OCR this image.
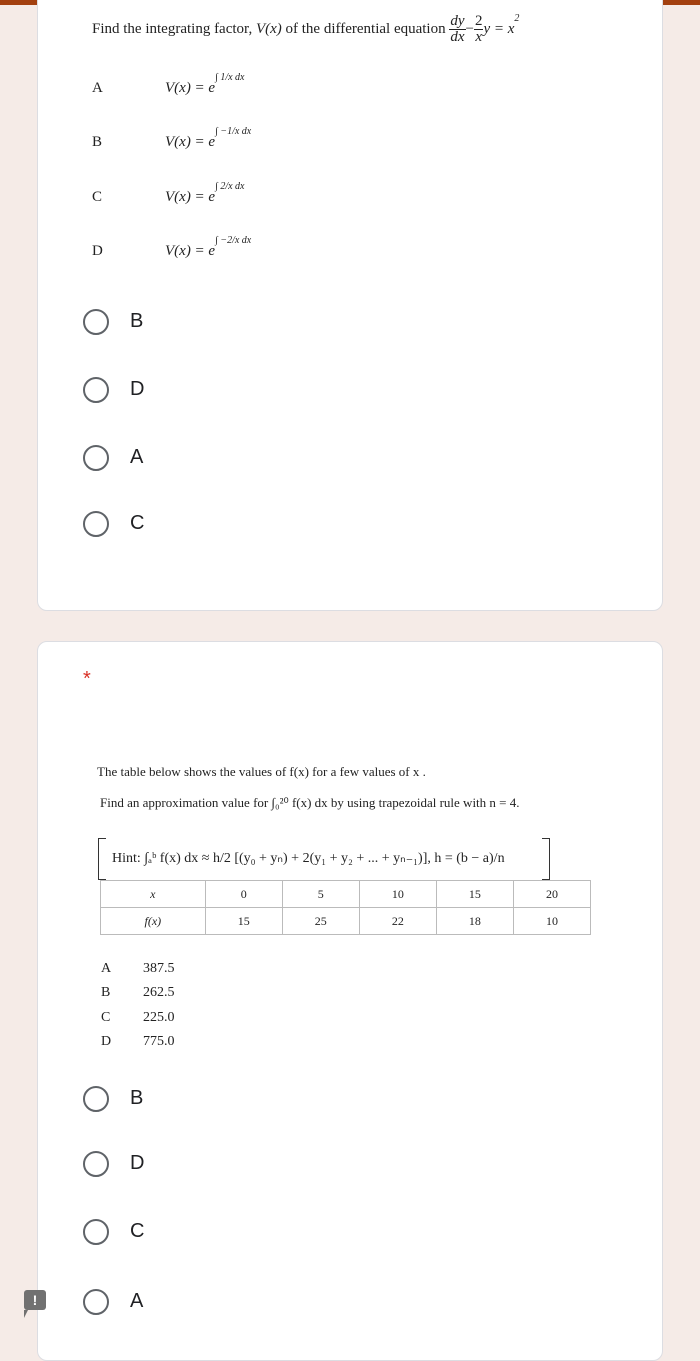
Find the integrating factor, V(x) of the differential equation $\frac{dy}{dx} - \frac{2}{x}$ $y = x^2$
A	$V(x) = e^{\int 1/x dx}$
B	$V(x) = e^{\int -1/x dx}$
C	$V(x) = e^{\int 2/x dx}$
D	$V(x) = e^{\int -2/x dx}$
B
D
A
C
*
The table below shows the values of f(x) for a few values of x .
Find an approximation value for ∫₀²⁰ f(x) dx by using trapezoidal rule with n = 4.
Hint: ∫ₐᵇ f(x) dx ≈ h/2 [(y₀ + yₙ) + 2(y₁ + y₂ + ... + yₙ₋₁)], h = (b − a)/n
x	0	5	10	15	20
f(x)	15	25	22	18	10
A 387.5
B 262.5
C 225.0
D 775.0
B
D
C
!	A
